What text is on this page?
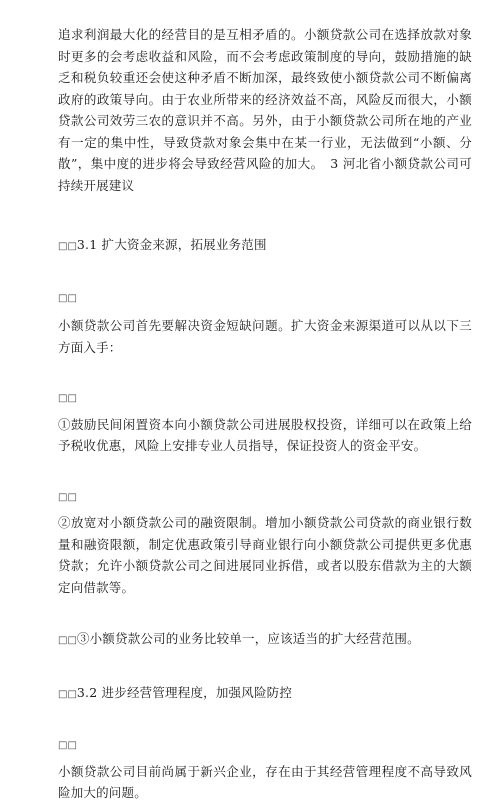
追求利润最大化的经营目的是互相矛盾的。小额贷款公司在选择放款对象时更多的会考虑收益和风险，而不会考虑政策制度的导向，鼓励措施的缺乏和税负较重还会使这种矛盾不断加深，最终致使小额贷款公司不断偏离政府的政策导向。由于农业所带来的经济效益不高，风险反而很大，小额贷款公司效劳三农的意识并不高。另外，由于小额贷款公司所在地的产业有一定的集中性，导致贷款对象会集中在某一行业，无法做到“小额、分散”，集中度的进步将会导致经营风险的加大。　3 河北省小额贷款公司可持续开展建议

□□3.1 扩大资金来源，拓展业务范围

□□

小额贷款公司首先要解决资金短缺问题。扩大资金来源渠道可以从以下三方面入手：

□□

①鼓励民间闲置资本向小额贷款公司进展股权投资，详细可以在政策上给予税收优惠，风险上安排专业人员指导，保证投资人的资金平安。

□□

②放宽对小额贷款公司的融资限制。增加小额贷款公司贷款的商业银行数量和融资限额，制定优惠政策引导商业银行向小额贷款公司提供更多优惠贷款；允许小额贷款公司之间进展同业拆借，或者以股东借款为主的大额定向借款等。

□□③小额贷款公司的业务比较单一，应该适当的扩大经营范围。

□□3.2 进步经营管理程度，加强风险防控

□□

小额贷款公司目前尚属于新兴企业，存在由于其经营管理程度不高导致风险加大的问题。
